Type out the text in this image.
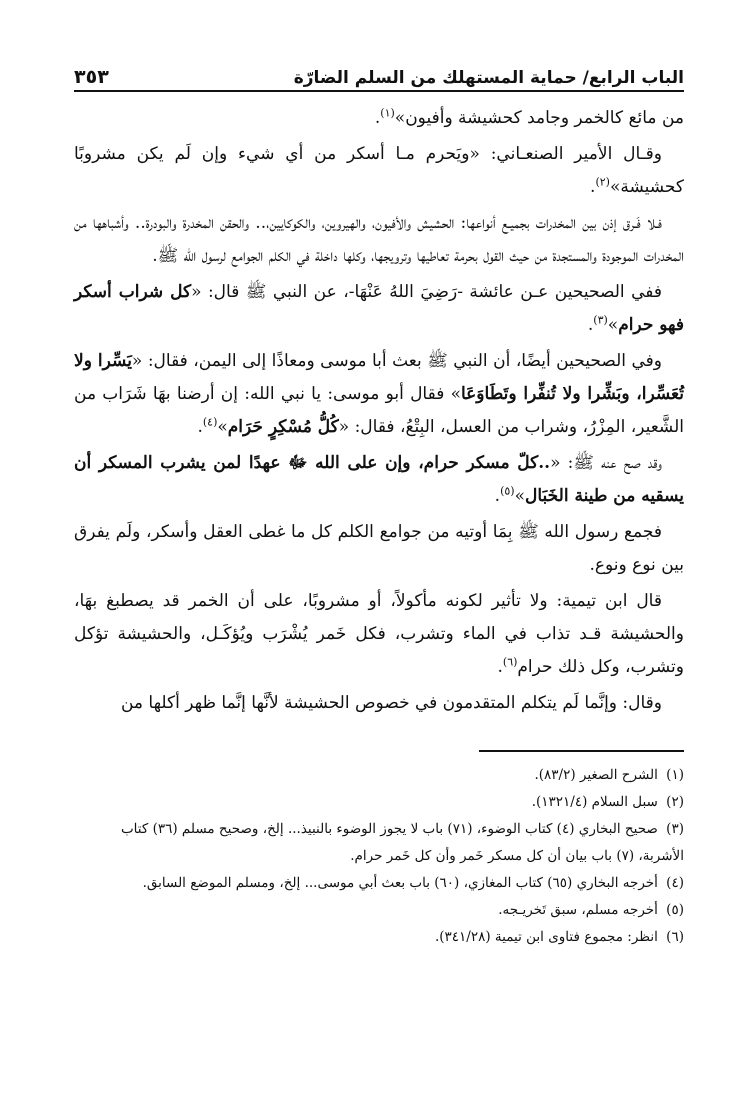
الباب الرابع/ حماية المستهلك من السلم الضارّة
٣٥٣

من مائع كالخمر وجامد كحشيشة وأفيون»$^{(١)}$.

وقـال الأمير الصنعـاني: «ويَحرم مـا أسكر من أي شيء وإن لَم يكن مشروبًا كحشيشة»$^{(٢)}$.

فـلا فَـرق إذن بين المخدرات بجميـع أنواعها: الحشيش والأفيون، والهيروين، والكوكايين،.. والحقن المخدرة والبودرة.. وأشباهها من المخدرات الموجودة والمستجدة من حيث القول بحرمة تعاطيها وترويجها، وكلها داخلة في الكلم الجوامع لرسول الله ﷺ.

ففي الصحيحين عـن عائشة -رَضِيَ اللهُ عَنْهَا-، عن النبي ﷺ قال: «كل شراب أسكر فهو حرام»$^{(٣)}$.

وفي الصحيحين أيضًا، أن النبي ﷺ بعث أبا موسى ومعاذًا إلى اليمن، فقال: «يَسِّرا ولا تُعَسِّرا، وبَشِّرا ولا تُنفِّرا وتَطَاوَعَا» فقال أبو موسى: يا نبي الله: إن أرضنا بهَا شَرَاب من الشَّعير، المِزْرُ، وشراب من العسل، البِتْعُ، فقال: «كُلُّ مُسْكِرٍ حَرَام»$^{(٤)}$.

وقد صح عنه ﷺ: «..كلّ مسكر حرام، وإن على الله ﷻ عهدًا لمن يشرب المسكر أن يسقيه من طينة الخَبَال»$^{(٥)}$.

فجمع رسول الله ﷺ بِمَا أوتيه من جوامع الكلم كل ما غطى العقل وأسكر، ولَم يفرق بين نوع ونوع.

قال ابن تيمية: ولا تأثير لكونه مأكولاً، أو مشروبًا، على أن الخمر قد يصطبغ بهَا، والحشيشة قـد تذاب في الماء وتشرب، فكل خَمر يُشْرَب ويُؤكَـل، والحشيشة تؤكل وتشرب، وكل ذلك حرام$^{(٦)}$.

وقال: وإنَّما لَم يتكلم المتقدمون في خصوص الحشيشة لأنَّها إنَّما ظهر أكلها من

(١) الشرح الصغير (٨٣/٢).

(٢) سبل السلام (١٣٢١/٤).

(٣) صحيح البخاري (٤) كتاب الوضوء، (٧١) باب لا يجوز الوضوء بالنبيذ... إلخ، وصحيح مسلم (٣٦) كتاب الأشربة، (٧) باب بيان أن كل مسكر خَمر وأن كل خَمر حرام.

(٤) أخرجه البخاري (٦٥) كتاب المغازي، (٦٠) باب بعث أبي موسى... إلخ، ومسلم الموضع السابق.

(٥) أخرجه مسلم، سبق تَخريـجه.

(٦) انظر: مجموع فتاوى ابن تيمية (٣٤١/٢٨).
